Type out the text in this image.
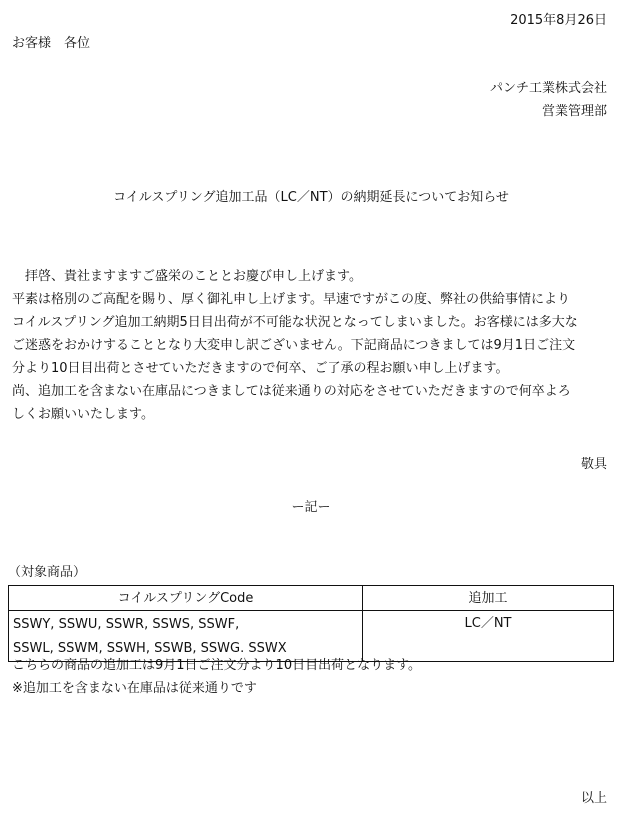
2015年8月26日
お客様　各位
パンチ工業株式会社
営業管理部
コイルスプリング追加工品（LC／NT）の納期延長についてお知らせ
　拝啓、貴社ますますご盛栄のこととお慶び申し上げます。
平素は格別のご高配を賜り、厚く御礼申し上げます。早速ですがこの度、弊社の供給事情により
コイルスプリング追加工納期5日目出荷が不可能な状況となってしまいました。お客様には多大な
ご迷惑をおかけすることとなり大変申し訳ございません。下記商品につきましては9月1日ご注文
分より10日目出荷とさせていただきますので何卒、ご了承の程お願い申し上げます。
尚、追加工を含まない在庫品につきましては従来通りの対応をさせていただきますので何卒よろ
しくお願いいたします。
敬具
ー記ー
（対象商品）
コイルスプリングCode	追加工

SSWY, SSWU, SSWR, SSWS, SSWF,
SSWL, SSWM, SSWH, SSWB, SSWG. SSWX	LC／NT
こちらの商品の追加工は9月1日ご注文分より10日目出荷となります。
※追加工を含まない在庫品は従来通りです
以上
